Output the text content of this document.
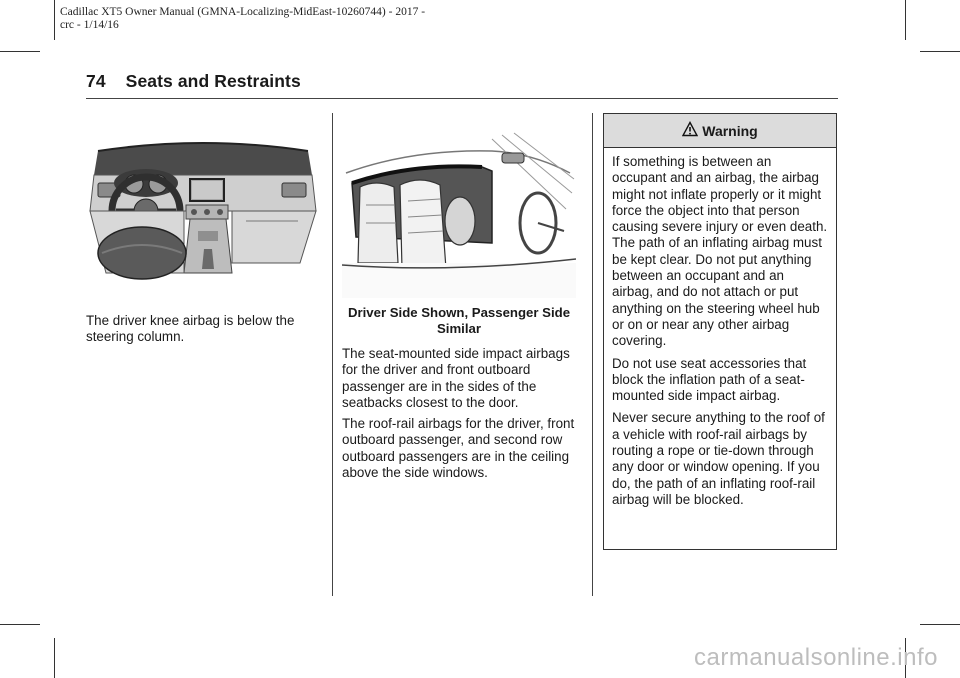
Cadillac XT5 Owner Manual (GMNA-Localizing-MidEast-10260744) - 2017 -
crc - 1/14/16
74 Seats and Restraints

The driver knee airbag is below the steering column.

Driver Side Shown, Passenger Side Similar

The seat-mounted side impact airbags for the driver and front outboard passenger are in the sides of the seatbacks closest to the door.

The roof-rail airbags for the driver, front outboard passenger, and second row outboard passengers are in the ceiling above the side windows.

Warning

If something is between an occupant and an airbag, the airbag might not inflate properly or it might force the object into that person causing severe injury or even death. The path of an inflating airbag must be kept clear. Do not put anything between an occupant and an airbag, and do not attach or put anything on the steering wheel hub or on or near any other airbag covering.

Do not use seat accessories that block the inflation path of a seat-mounted side impact airbag.

Never secure anything to the roof of a vehicle with roof-rail airbags by routing a rope or tie-down through any door or window opening. If you do, the path of an inflating roof-rail airbag will be blocked.

carmanualsonline.info
